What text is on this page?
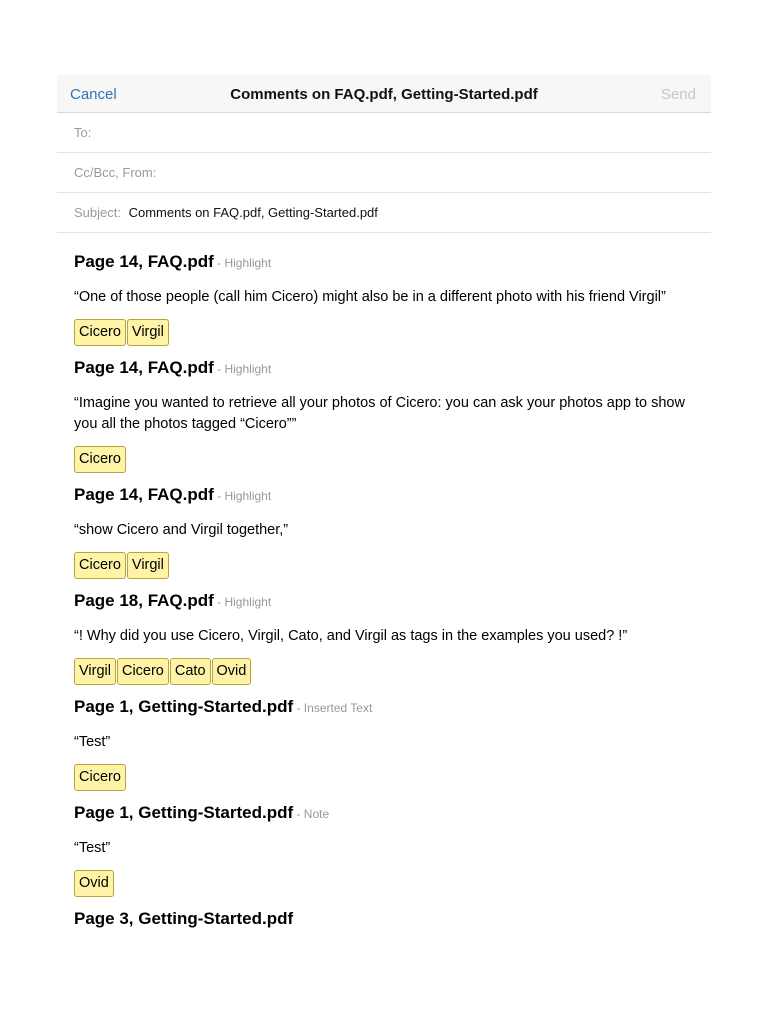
Cancel	Comments on FAQ.pdf, Getting-Started.pdf	Send
To:
Cc/Bcc, From:
Subject: Comments on FAQ.pdf, Getting-Started.pdf
Page 14, FAQ.pdf - Highlight
“One of those people (call him Cicero) might also be in a different photo with his friend Virgil”
Cicero Virgil
Page 14, FAQ.pdf - Highlight
“Imagine you wanted to retrieve all your photos of Cicero: you can ask your photos app to show you all the photos tagged “Cicero””
Cicero
Page 14, FAQ.pdf - Highlight
“show Cicero and Virgil together,”
Cicero Virgil
Page 18, FAQ.pdf - Highlight
“! Why did you use Cicero, Virgil, Cato, and Virgil as tags in the examples you used? !”
Virgil Cicero Cato Ovid
Page 1, Getting-Started.pdf - Inserted Text
“Test”
Cicero
Page 1, Getting-Started.pdf - Note
“Test”
Ovid
Page 3, Getting-Started.pdf
